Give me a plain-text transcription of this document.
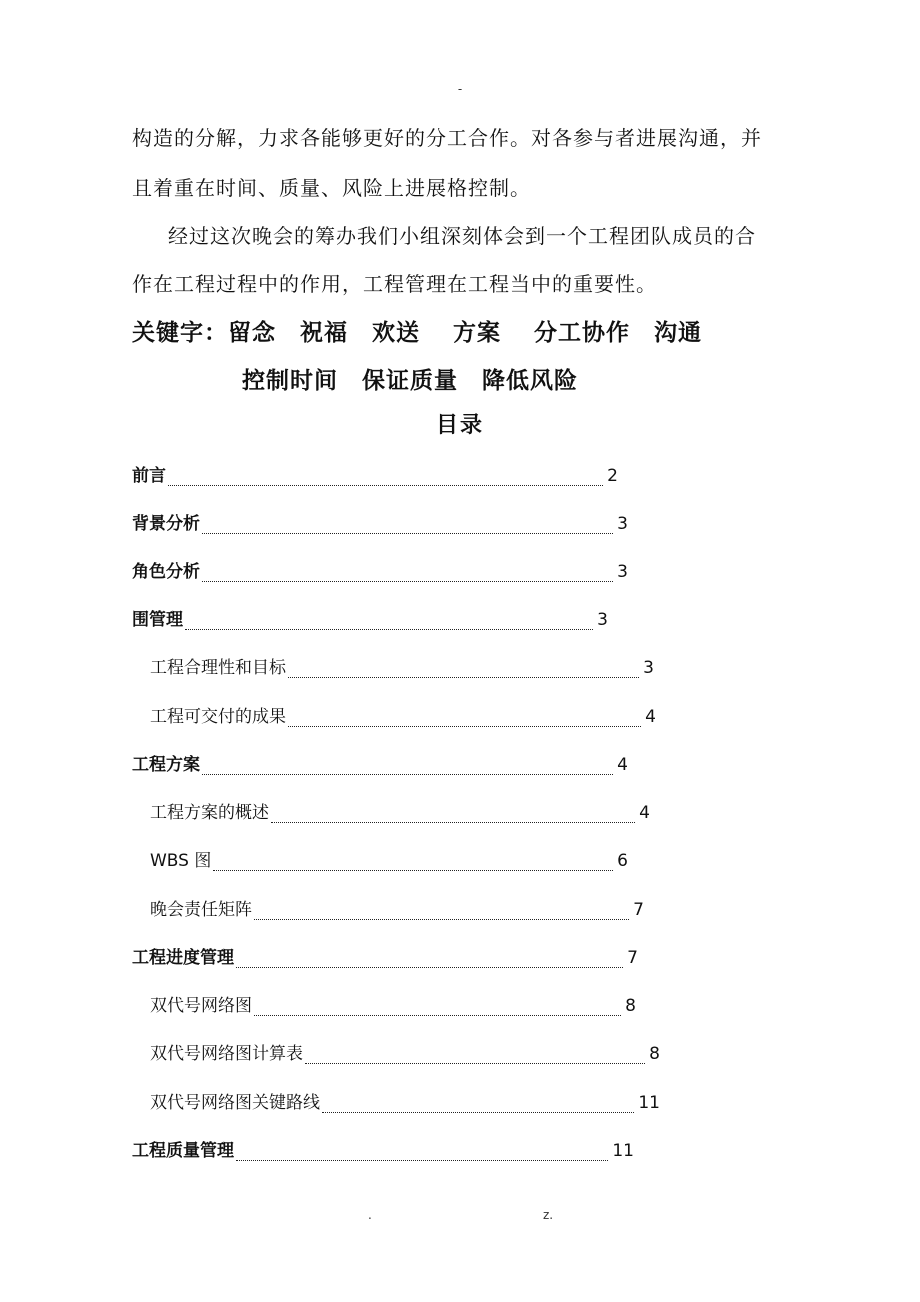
-
构造的分解，力求各能够更好的分工合作。对各参与者进展沟通，并
且着重在时间、质量、风险上进展格控制。
经过这次晚会的筹办我们小组深刻体会到一个工程团队成员的合
作在工程过程中的作用，工程管理在工程当中的重要性。
关键字：留念　祝福　欢送　 方案　 分工协作　沟通
控制时间　保证质量　降低风险
目录
前言	2
背景分析	3
角色分析	3
围管理	3
工程合理性和目标	3
工程可交付的成果	4
工程方案	4
工程方案的概述	4
WBS 图	6
晚会责任矩阵	7
工程进度管理	7
双代号网络图	8
双代号网络图计算表	8
双代号网络图关键路线	11
工程质量管理	11
.	z.
